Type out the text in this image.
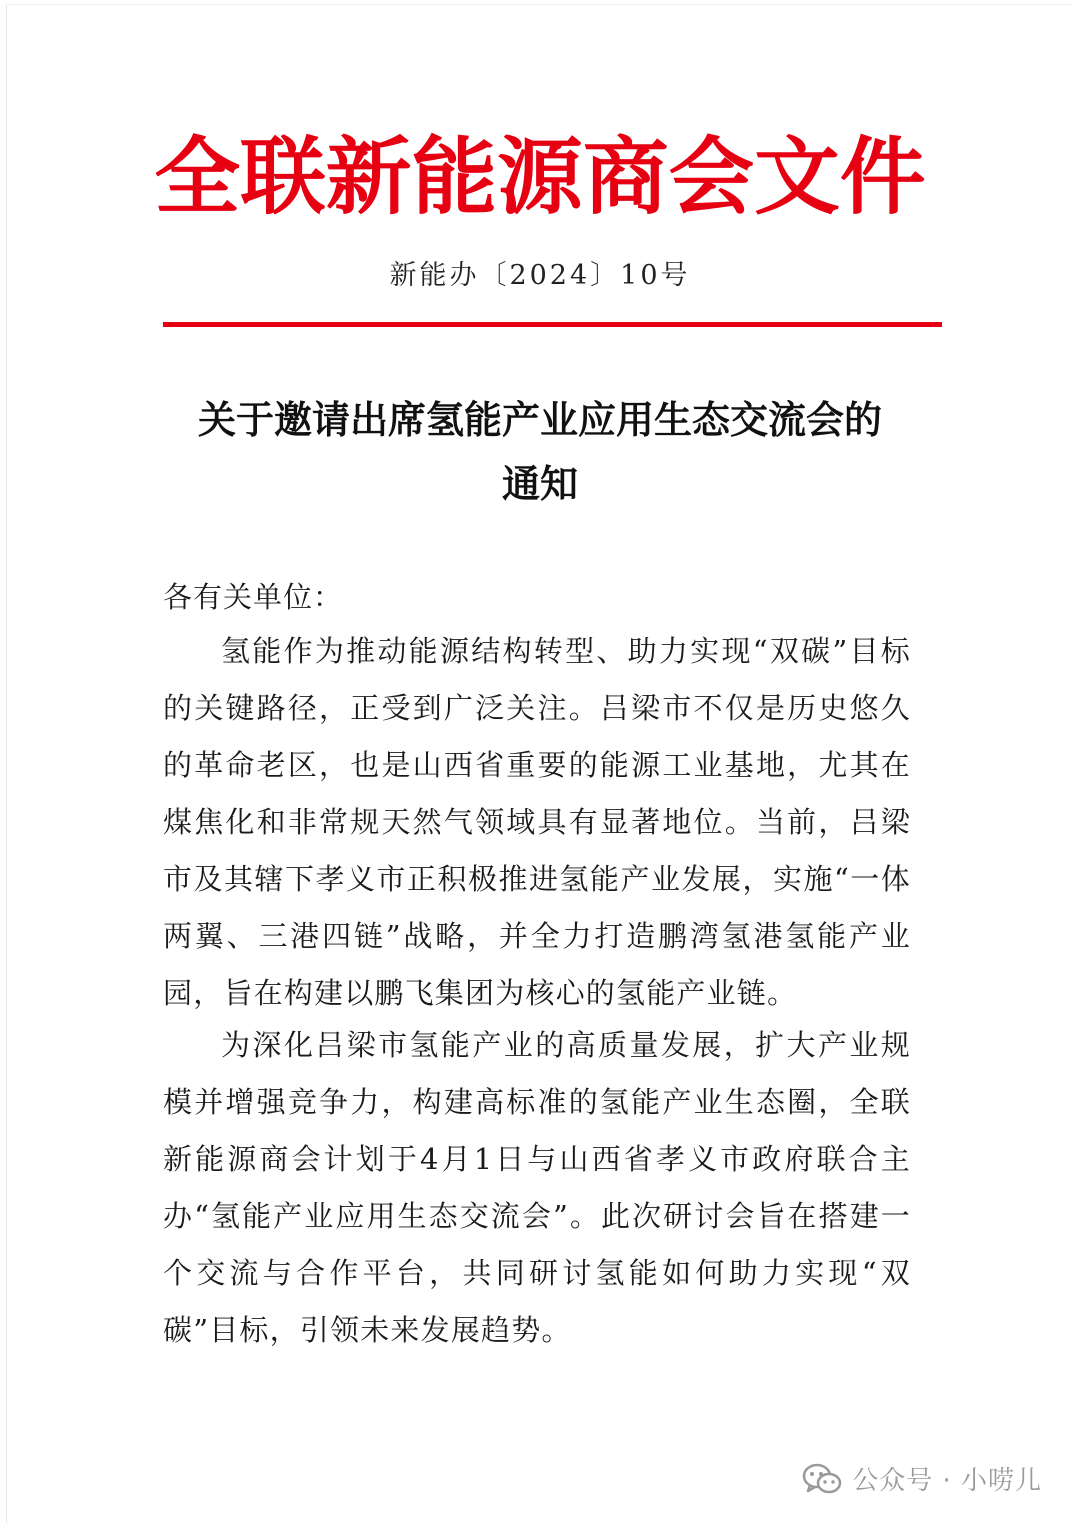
全联新能源商会文件
新能办〔2024〕10号
关于邀请出席氢能产业应用生态交流会的
通知
各有关单位：

氢能作为推动能源结构转型、助力实现“双碳”目标的关键路径，正受到广泛关注。吕梁市不仅是历史悠久的革命老区，也是山西省重要的能源工业基地，尤其在煤焦化和非常规天然气领域具有显著地位。当前，吕梁市及其辖下孝义市正积极推进氢能产业发展，实施“一体两翼、三港四链”战略，并全力打造鹏湾氢港氢能产业园，旨在构建以鹏飞集团为核心的氢能产业链。

为深化吕梁市氢能产业的高质量发展，扩大产业规模并增强竞争力，构建高标准的氢能产业生态圈，全联新能源商会计划于4月1日与山西省孝义市政府联合主办“氢能产业应用生态交流会”。此次研讨会旨在搭建一个交流与合作平台，共同研讨氢能如何助力实现“双碳”目标，引领未来发展趋势。

公众号 · 小唠儿
